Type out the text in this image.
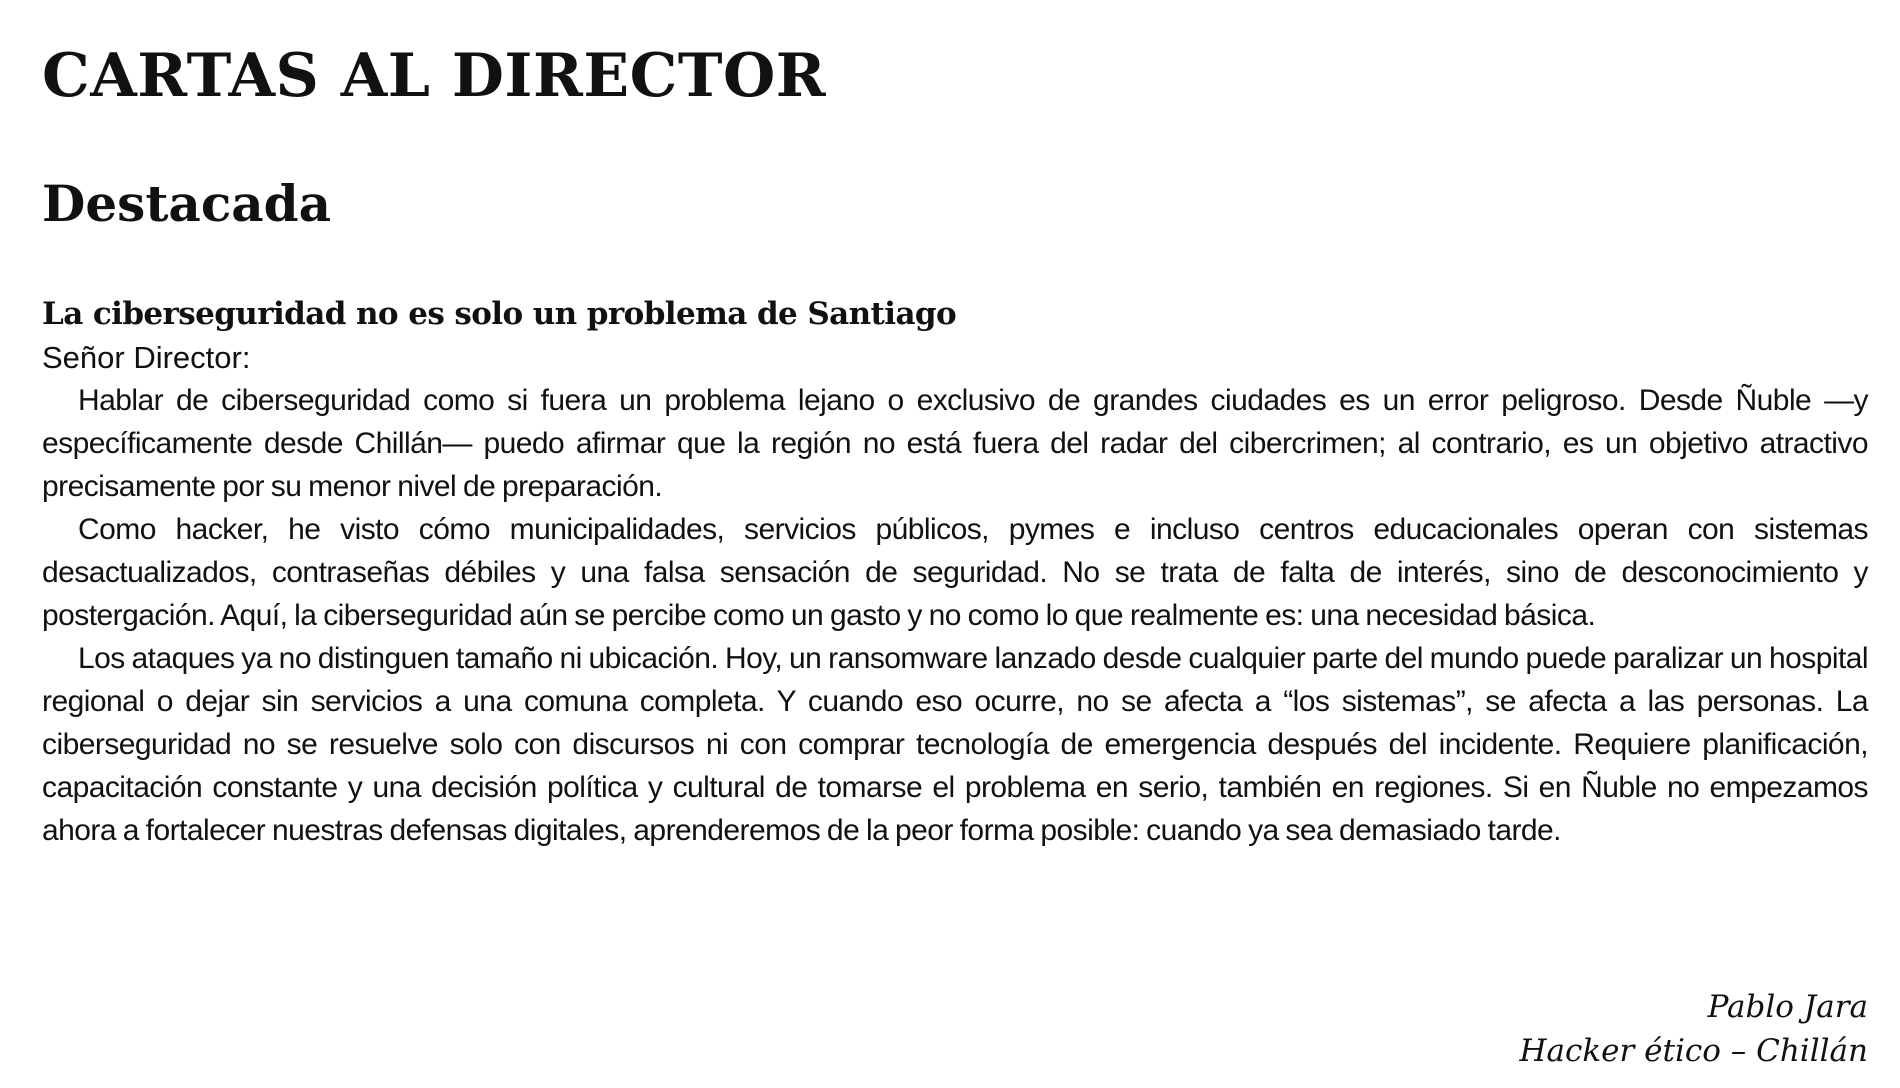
CARTAS AL DIRECTOR
Destacada
La ciberseguridad no es solo un problema de Santiago

Señor Director:

Hablar de ciberseguridad como si fuera un problema lejano o exclusivo de grandes ciudades es un error peligroso. Desde Ñuble —y específicamente desde Chillán— puedo afirmar que la región no está fuera del radar del cibercrimen; al contrario, es un objetivo atractivo precisamente por su menor nivel de preparación.

Como hacker, he visto cómo municipalidades, servicios públicos, pymes e incluso centros educacionales operan con sistemas desactualizados, contraseñas débiles y una falsa sensación de seguridad. No se trata de falta de interés, sino de desconocimiento y postergación. Aquí, la ciberseguridad aún se percibe como un gasto y no como lo que realmente es: una necesidad básica.

Los ataques ya no distinguen tamaño ni ubicación. Hoy, un ransomware lanzado desde cualquier parte del mundo puede paralizar un hospital regional o dejar sin servicios a una comuna completa. Y cuando eso ocurre, no se afecta a “los sistemas”, se afecta a las personas. La ciberseguridad no se resuelve solo con discursos ni con comprar tecnología de emergencia después del incidente. Requiere planificación, capacitación constante y una decisión política y cultural de tomarse el problema en serio, también en regiones. Si en Ñuble no empezamos ahora a fortalecer nuestras defensas digitales, aprenderemos de la peor forma posible: cuando ya sea demasiado tarde.

Pablo Jara
Hacker ético – Chillán
